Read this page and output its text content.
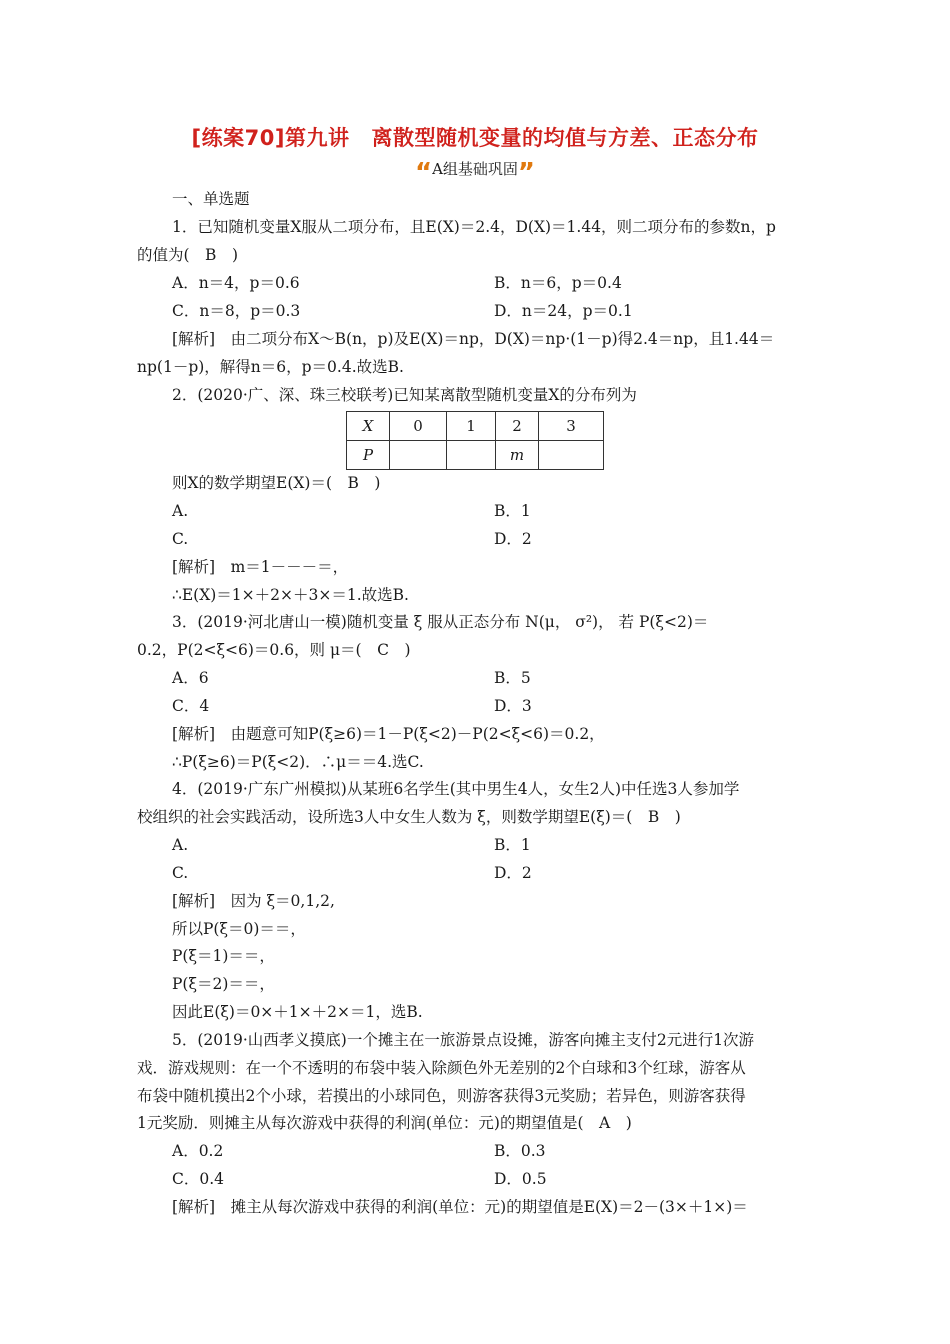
[练案70]第九讲 离散型随机变量的均值与方差、正态分布
“A组基础巩固”
一、单选题
1．已知随机变量X服从二项分布，且E(X)＝2.4，D(X)＝1.44，则二项分布的参数n，p
的值为(　B　)
A．n＝4，p＝0.6	B．n＝6，p＝0.4
C．n＝8，p＝0.3	D．n＝24，p＝0.1
[解析]　由二项分布X～B(n，p)及E(X)＝np，D(X)＝np·(1－p)得2.4＝np，且1.44＝
np(1－p)，解得n＝6，p＝0.4.故选B.
2．(2020·广、深、珠三校联考)已知某离散型随机变量X的分布列为
X	0	1	2	3
P			m	
则X的数学期望E(X)＝(　B　)
A.	B．1
C.	D．2
[解析]　m＝1－－－＝，
∴E(X)＝1×＋2×＋3×＝1.故选B.
3．(2019·河北唐山一模)随机变量 ξ 服从正态分布 N(μ， σ²)， 若 P(ξ<2)＝
0.2，P(2<ξ<6)＝0.6，则 μ＝(　C　)
A．6	B．5
C．4	D．3
[解析]　由题意可知P(ξ≥6)＝1－P(ξ<2)－P(2<ξ<6)＝0.2，
∴P(ξ≥6)＝P(ξ<2)．∴μ＝＝4.选C.
4．(2019·广东广州模拟)从某班6名学生(其中男生4人，女生2人)中任选3人参加学
校组织的社会实践活动，设所选3人中女生人数为 ξ，则数学期望E(ξ)＝(　B　)
A.	B．1
C.	D．2
[解析]　因为 ξ＝0,1,2,
所以P(ξ＝0)＝＝，
P(ξ＝1)＝＝，
P(ξ＝2)＝＝，
因此E(ξ)＝0×＋1×＋2×＝1，选B.
5．(2019·山西孝义摸底)一个摊主在一旅游景点设摊，游客向摊主支付2元进行1次游
戏．游戏规则：在一个不透明的布袋中装入除颜色外无差别的2个白球和3个红球，游客从
布袋中随机摸出2个小球，若摸出的小球同色，则游客获得3元奖励；若异色，则游客获得
1元奖励．则摊主从每次游戏中获得的利润(单位：元)的期望值是(　A　)
A．0.2	B．0.3
C．0.4	D．0.5
[解析]　摊主从每次游戏中获得的利润(单位：元)的期望值是E(X)＝2－(3×＋1×)＝
